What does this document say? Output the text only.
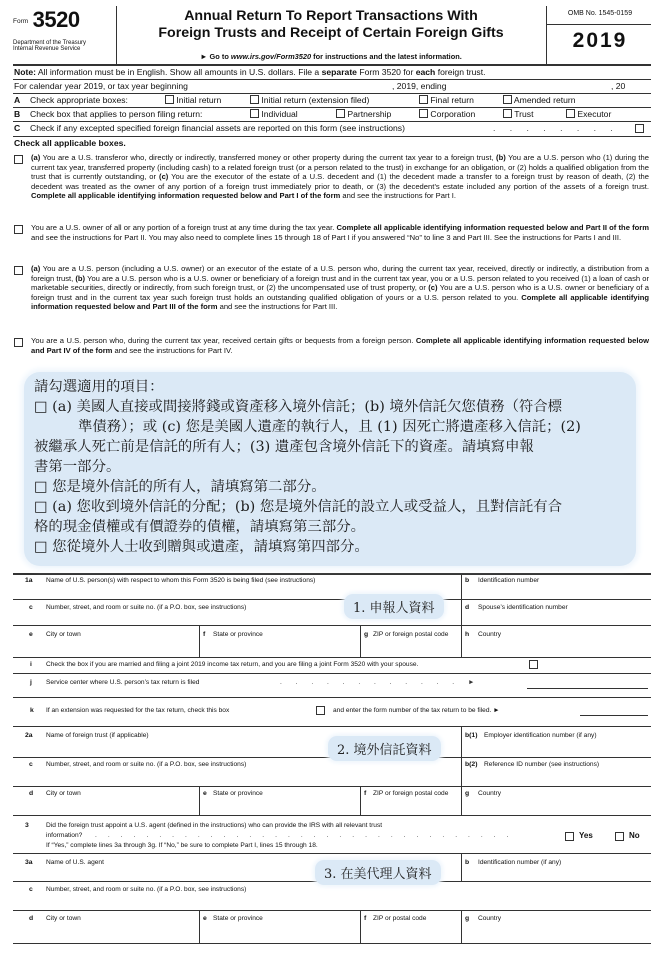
$^{Form}$ 3520
Department of the Treasury
Internal Revenue Service
Annual Return To Report Transactions With
Foreign Trusts and Receipt of Certain Foreign Gifts
► Go to www.irs.gov/Form3520 for instructions and the latest information.
OMB No. 1545-0159
2019
Note: All information must be in English. Show all amounts in U.S. dollars. File a separate Form 3520 for each foreign trust.
For calendar year 2019, or tax year beginning	, 2019, ending	, 20
A Check appropriate boxes:	Initial return	Initial return (extension filed)	Final return	Amended return
B Check box that applies to person filing return:	Individual	Partnership	Corporation	Trust	Executor
C Check if any excepted specified foreign financial assets are reported on this form (see instructions)	. . . . . . . .
Check all applicable boxes.
(a) You are a U.S. transferor who, directly or indirectly, transferred money or other property during the current tax year to a foreign trust, (b) You are a U.S. person who (1) during the current tax year, transferred property (including cash) to a related foreign trust (or a person related to the trust) in exchange for an obligation, or (2) holds a qualified obligation from the trust that is currently outstanding, or (c) You are the executor of the estate of a U.S. decedent and (1) the decedent made a transfer to a foreign trust by reason of death, (2) the decedent was treated as the owner of any portion of a foreign trust immediately prior to death, or (3) the decedent’s estate included any portion of the assets of a foreign trust. Complete all applicable identifying information requested below and Part I of the form and see the instructions for Part I.
You are a U.S. owner of all or any portion of a foreign trust at any time during the tax year. Complete all applicable identifying information requested below and Part II of the form and see the instructions for Part II. You may also need to complete lines 15 through 18 of Part I if you answered “No” to line 3 and Part III. See the instructions for Parts I and III.
(a) You are a U.S. person (including a U.S. owner) or an executor of the estate of a U.S. person who, during the current tax year, received, directly or indirectly, a distribution from a foreign trust, (b) You are a U.S. person who is a U.S. owner or beneficiary of a foreign trust and in the current tax year, you or a U.S. person related to you received (1) a loan of cash or marketable securities, directly or indirectly, from such foreign trust, or (2) the uncompensated use of trust property, or (c) You are a U.S. person who is a U.S. owner or beneficiary of a foreign trust and in the current tax year such foreign trust holds an outstanding qualified obligation of yours or a U.S. person related to you. Complete all applicable identifying information requested below and Part III of the form and see the instructions for Part III.
You are a U.S. person who, during the current tax year, received certain gifts or bequests from a foreign person. Complete all applicable identifying information requested below and Part IV of the form and see the instructions for Part IV.
1a Name of U.S. person(s) with respect to whom this Form 3520 is being filed (see instructions)	b Identification number
c Number, street, and room or suite no. (if a P.O. box, see instructions)	d Spouse’s identification number
e City or town	f State or province	g ZIP or foreign postal code h Country
i Check the box if you are married and filing a joint 2019 income tax return, and you are filing a joint Form 3520 with your spouse.
j Service center where U.S. person’s tax return is filed	. . . . . . . . . . . . ►
k If an extension was requested for the tax return, check this box	and enter the form number of the tax return to be filed. ►
2a Name of foreign trust (if applicable)	b(1) Employer identification number (if any)
c Number, street, and room or suite no. (if a P.O. box, see instructions)	b(2) Reference ID number (see instructions)
d City or town	e State or province	f ZIP or foreign postal code g Country
3	Did the foreign trust appoint a U.S. agent (defined in the instructions) who can provide the IRS with all relevant trust
information? . . . . . . . . . . . . . . . . . . . . . . . . . . . . . . . . .
If “Yes,” complete lines 3a through 3g. If “No,” be sure to complete Part I, lines 15 through 18.
Yes	No
3a Name of U.S. agent	b Identification number (if any)
c Number, street, and room or suite no. (if a P.O. box, see instructions)
d City or town	e State or province	f ZIP or postal code	g Country
請勾選適用的項目：
□ (a) 美國人直接或間接將錢或資產移入境外信託；(b) 境外信託欠您債務（符合標
準債務）；或 (c) 您是美國人遺產的執行人，且 (1) 因死亡將遺產移入信託；(2)
被繼承人死亡前是信託的所有人；(3) 遺產包含境外信託下的資產。請填寫申報
書第一部分。
□ 您是境外信託的所有人，請填寫第二部分。
□ (a) 您收到境外信託的分配；(b) 您是境外信託的設立人或受益人，且對信託有合
格的現金債權或有價證券的債權，請填寫第三部分。
□ 您從境外人士收到贈與或遺產，請填寫第四部分。
1. 申報人資料
2. 境外信託資料
3. 在美代理人資料
